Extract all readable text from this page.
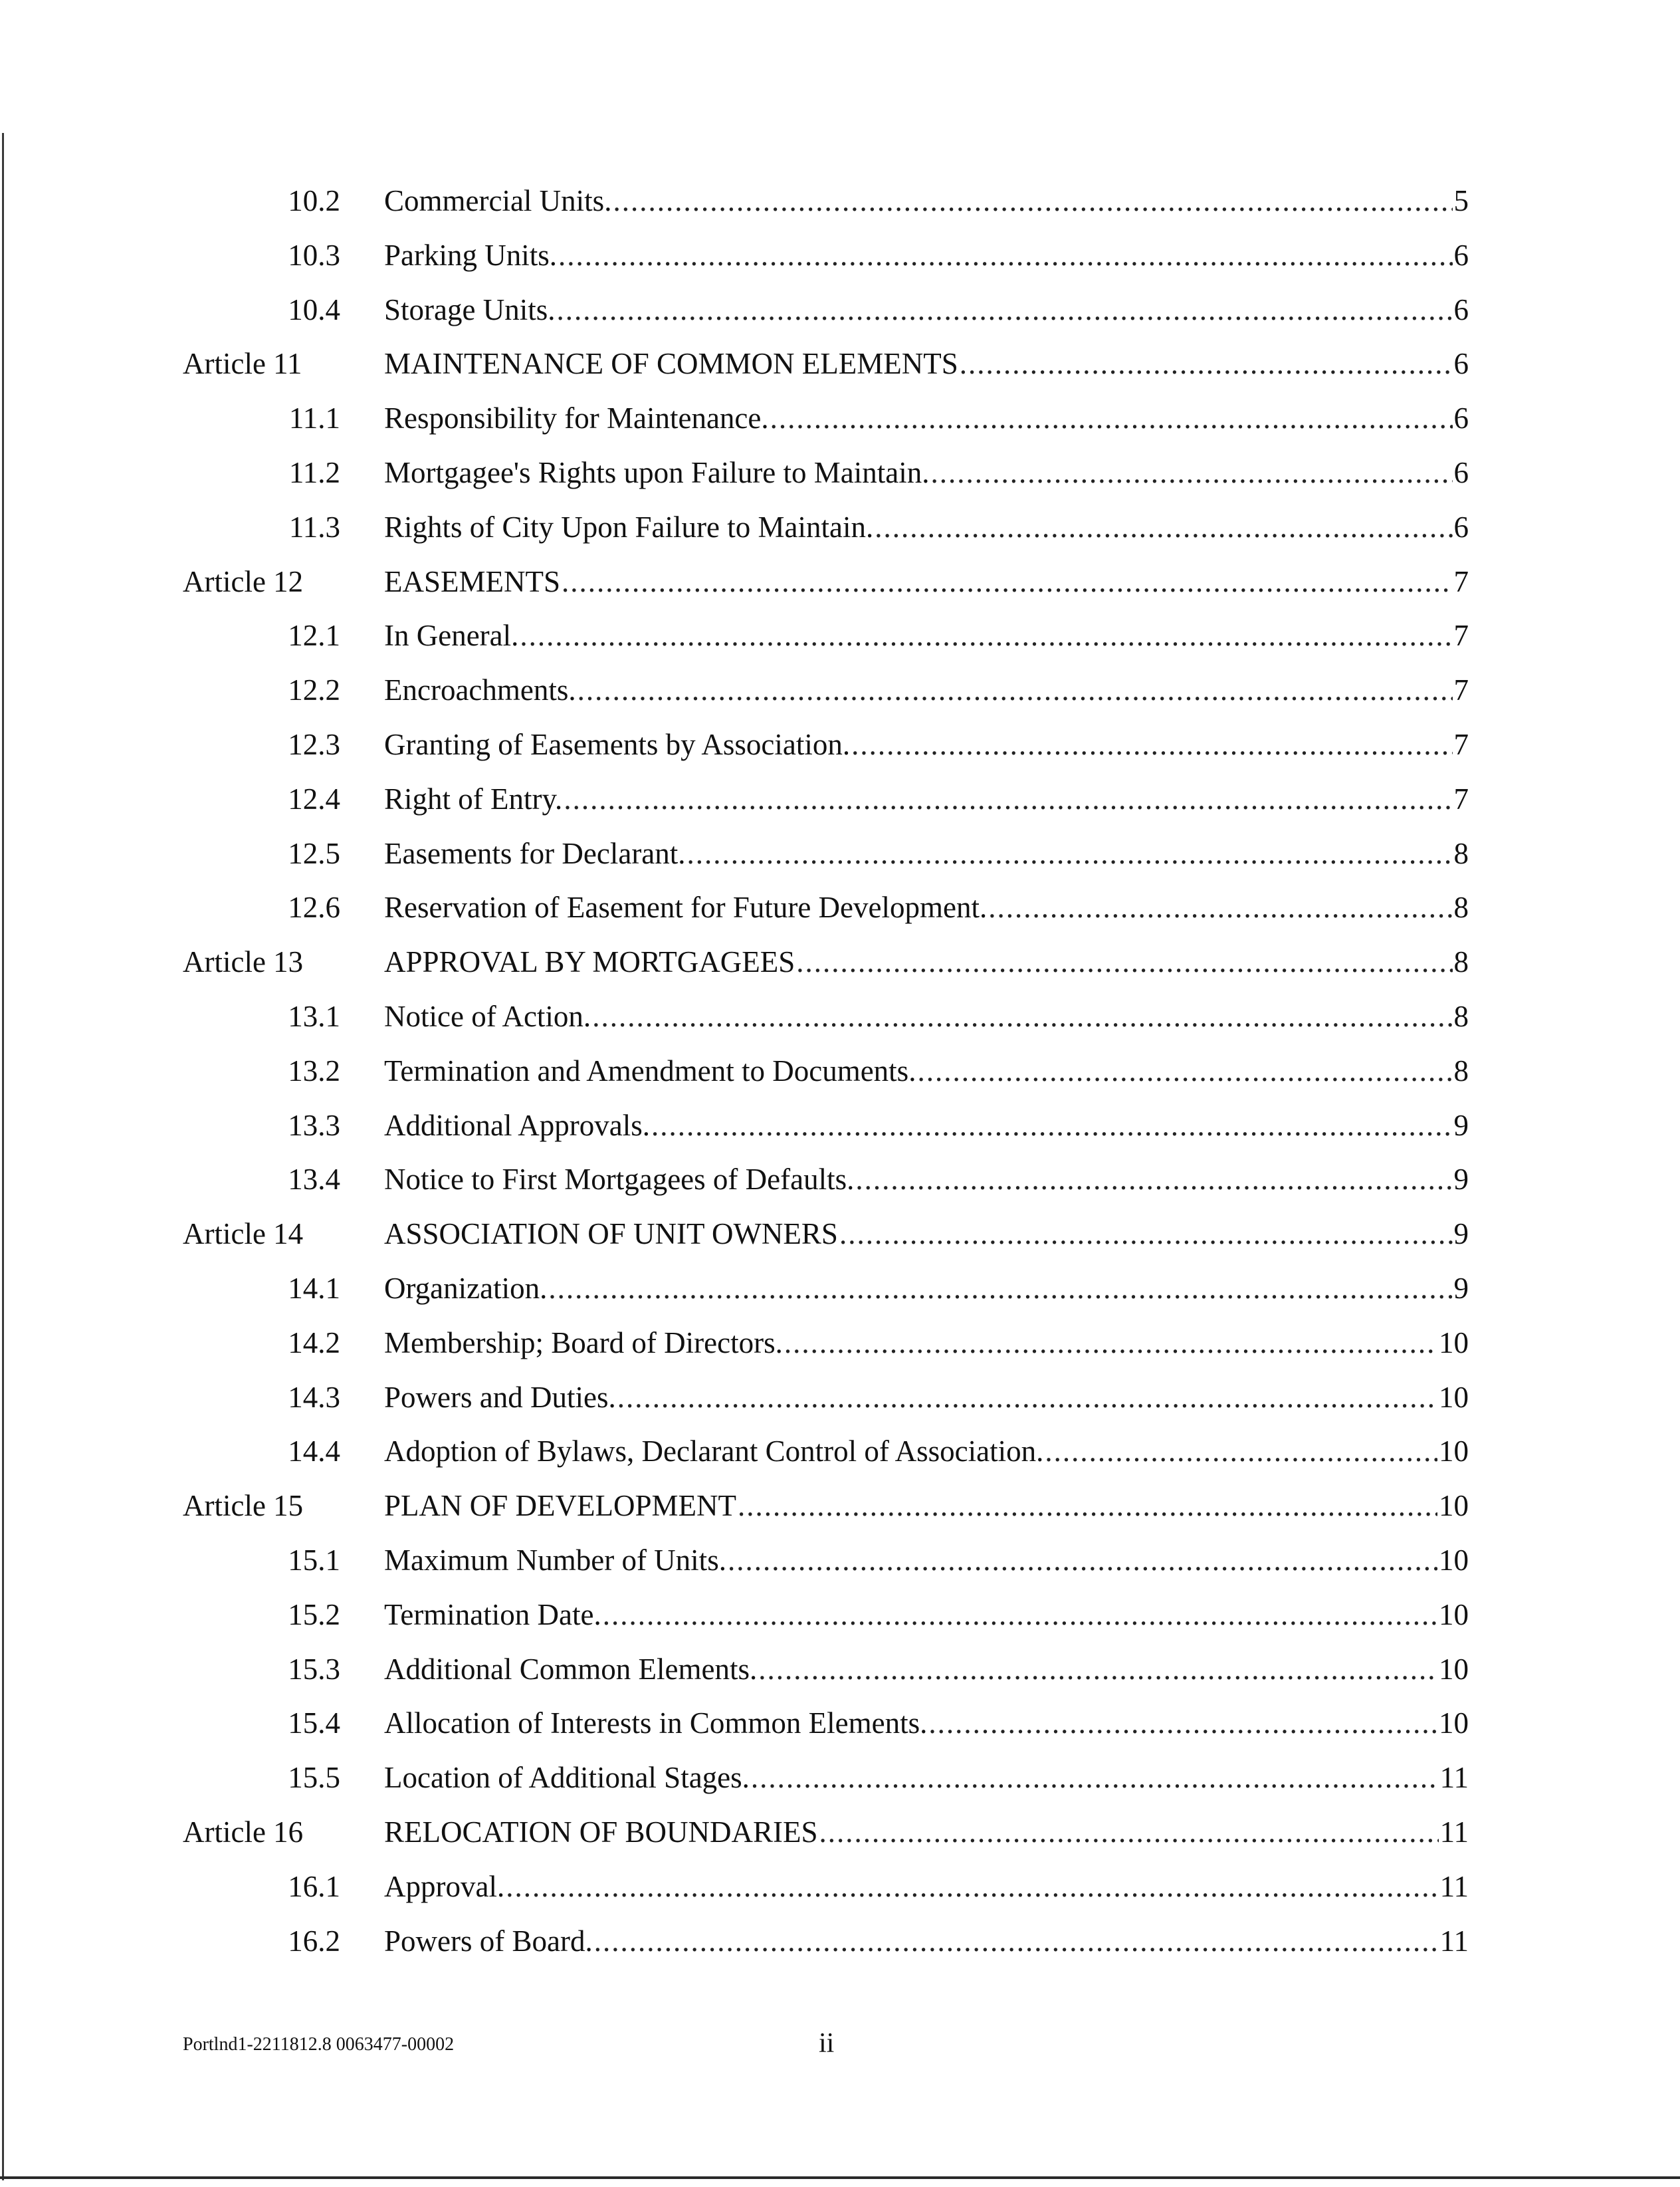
10.2 Commercial Units. .....	5
10.3 Parking Units. .....	6
10.4 Storage Units. .....	6
Article 11	MAINTENANCE OF COMMON ELEMENTS .....	6
11.1 Responsibility for Maintenance. .....	6
11.2 Mortgagee's Rights upon Failure to Maintain. .....	6
11.3 Rights of City Upon Failure to Maintain. .....	6
Article 12	EASEMENTS .....	7
12.1 In General. .....	7
12.2 Encroachments. .....	7
12.3 Granting of Easements by Association. .....	7
12.4 Right of Entry. .....	7
12.5 Easements for Declarant. .....	8
12.6 Reservation of Easement for Future Development. .....	8
Article 13	APPROVAL BY MORTGAGEES .....	8
13.1 Notice of Action. .....	8
13.2 Termination and Amendment to Documents. .....	8
13.3 Additional Approvals. .....	9
13.4 Notice to First Mortgagees of Defaults. .....	9
Article 14	ASSOCIATION OF UNIT OWNERS .....	9
14.1 Organization. .....	9
14.2 Membership; Board of Directors. .....	10
14.3 Powers and Duties. .....	10
14.4 Adoption of Bylaws, Declarant Control of Association. .....	10
Article 15	PLAN OF DEVELOPMENT .....	10
15.1 Maximum Number of Units. .....	10
15.2 Termination Date. .....	10
15.3 Additional Common Elements. .....	10
15.4 Allocation of Interests in Common Elements. .....	10
15.5 Location of Additional Stages. .....	11
Article 16	RELOCATION OF BOUNDARIES .....	11
16.1 Approval. .....	11
16.2 Powers of Board. .....	11
Portlnd1-2211812.8 0063477-00002	ii
